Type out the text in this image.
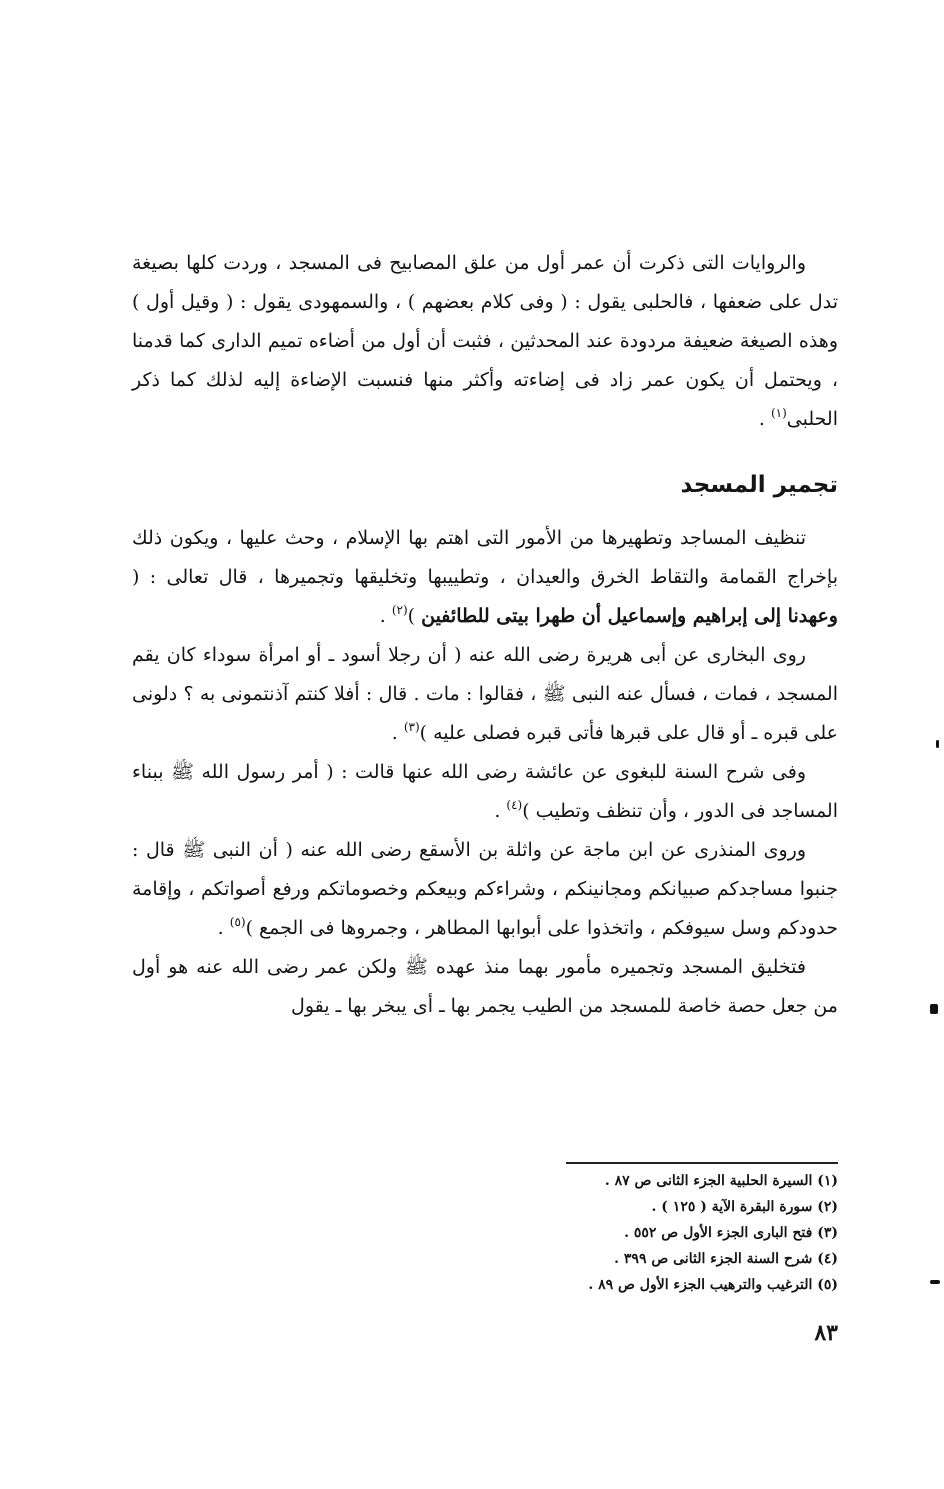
والروايات التى ذكرت أن عمر أول من علق المصابيح فى المسجد ، وردت كلها بصيغة تدل على ضعفها ، فالحلبى يقول : ( وفى كلام بعضهم ) ، والسمهودى يقول : ( وقيل أول ) وهذه الصيغة ضعيفة مردودة عند المحدثين ، فثبت أن أول من أضاءه تميم الدارى كما قدمنا ، ويحتمل أن يكون عمر زاد فى إضاءته وأكثر منها فنسبت الإضاءة إليه لذلك كما ذكر الحلبى$^{(١)}$ .

تجمير المسجد

تنظيف المساجد وتطهيرها من الأمور التى اهتم بها الإسلام ، وحث عليها ، ويكون ذلك بإخراج القمامة والتقاط الخرق والعيدان ، وتطييبها وتخليقها وتجميرها ، قال تعالى : ( وعهدنا إلى إبراهيم وإسماعيل أن طهرا بيتى للطائفين )$^{(٢)}$ .

روى البخارى عن أبى هريرة رضى الله عنه ( أن رجلا أسود ـ أو امرأة سوداء كان يقم المسجد ، فمات ، فسأل عنه النبى ﷺ ، فقالوا : مات . قال : أفلا كنتم آذنتمونى به ؟ دلونى على قبره ـ أو قال على قبرها فأتى قبره فصلى عليه )$^{(٣)}$ .

وفى شرح السنة للبغوى عن عائشة رضى الله عنها قالت : ( أمر رسول الله ﷺ ببناء المساجد فى الدور ، وأن تنظف وتطيب )$^{(٤)}$ .

وروى المنذرى عن ابن ماجة عن واثلة بن الأسقع رضى الله عنه ( أن النبى ﷺ قال : جنبوا مساجدكم صبيانكم ومجانينكم ، وشراءكم وبيعكم وخصوماتكم ورفع أصواتكم ، وإقامة حدودكم وسل سيوفكم ، واتخذوا على أبوابها المطاهر ، وجمروها فى الجمع )$^{(٥)}$ .

فتخليق المسجد وتجميره مأمور بهما منذ عهده ﷺ ولكن عمر رضى الله عنه هو أول من جعل حصة خاصة للمسجد من الطيب يجمر بها ـ أى يبخر بها ـ يقول

(١) السيرة الحلبية الجزء الثانى ص ٨٧ .

(٢) سورة البقرة الآية ( ١٢٥ ) .

(٣) فتح البارى الجزء الأول ص ٥٥٢ .

(٤) شرح السنة الجزء الثانى ص ٣٩٩ .

(٥) الترغيب والترهيب الجزء الأول ص ٨٩ .

٨٣
